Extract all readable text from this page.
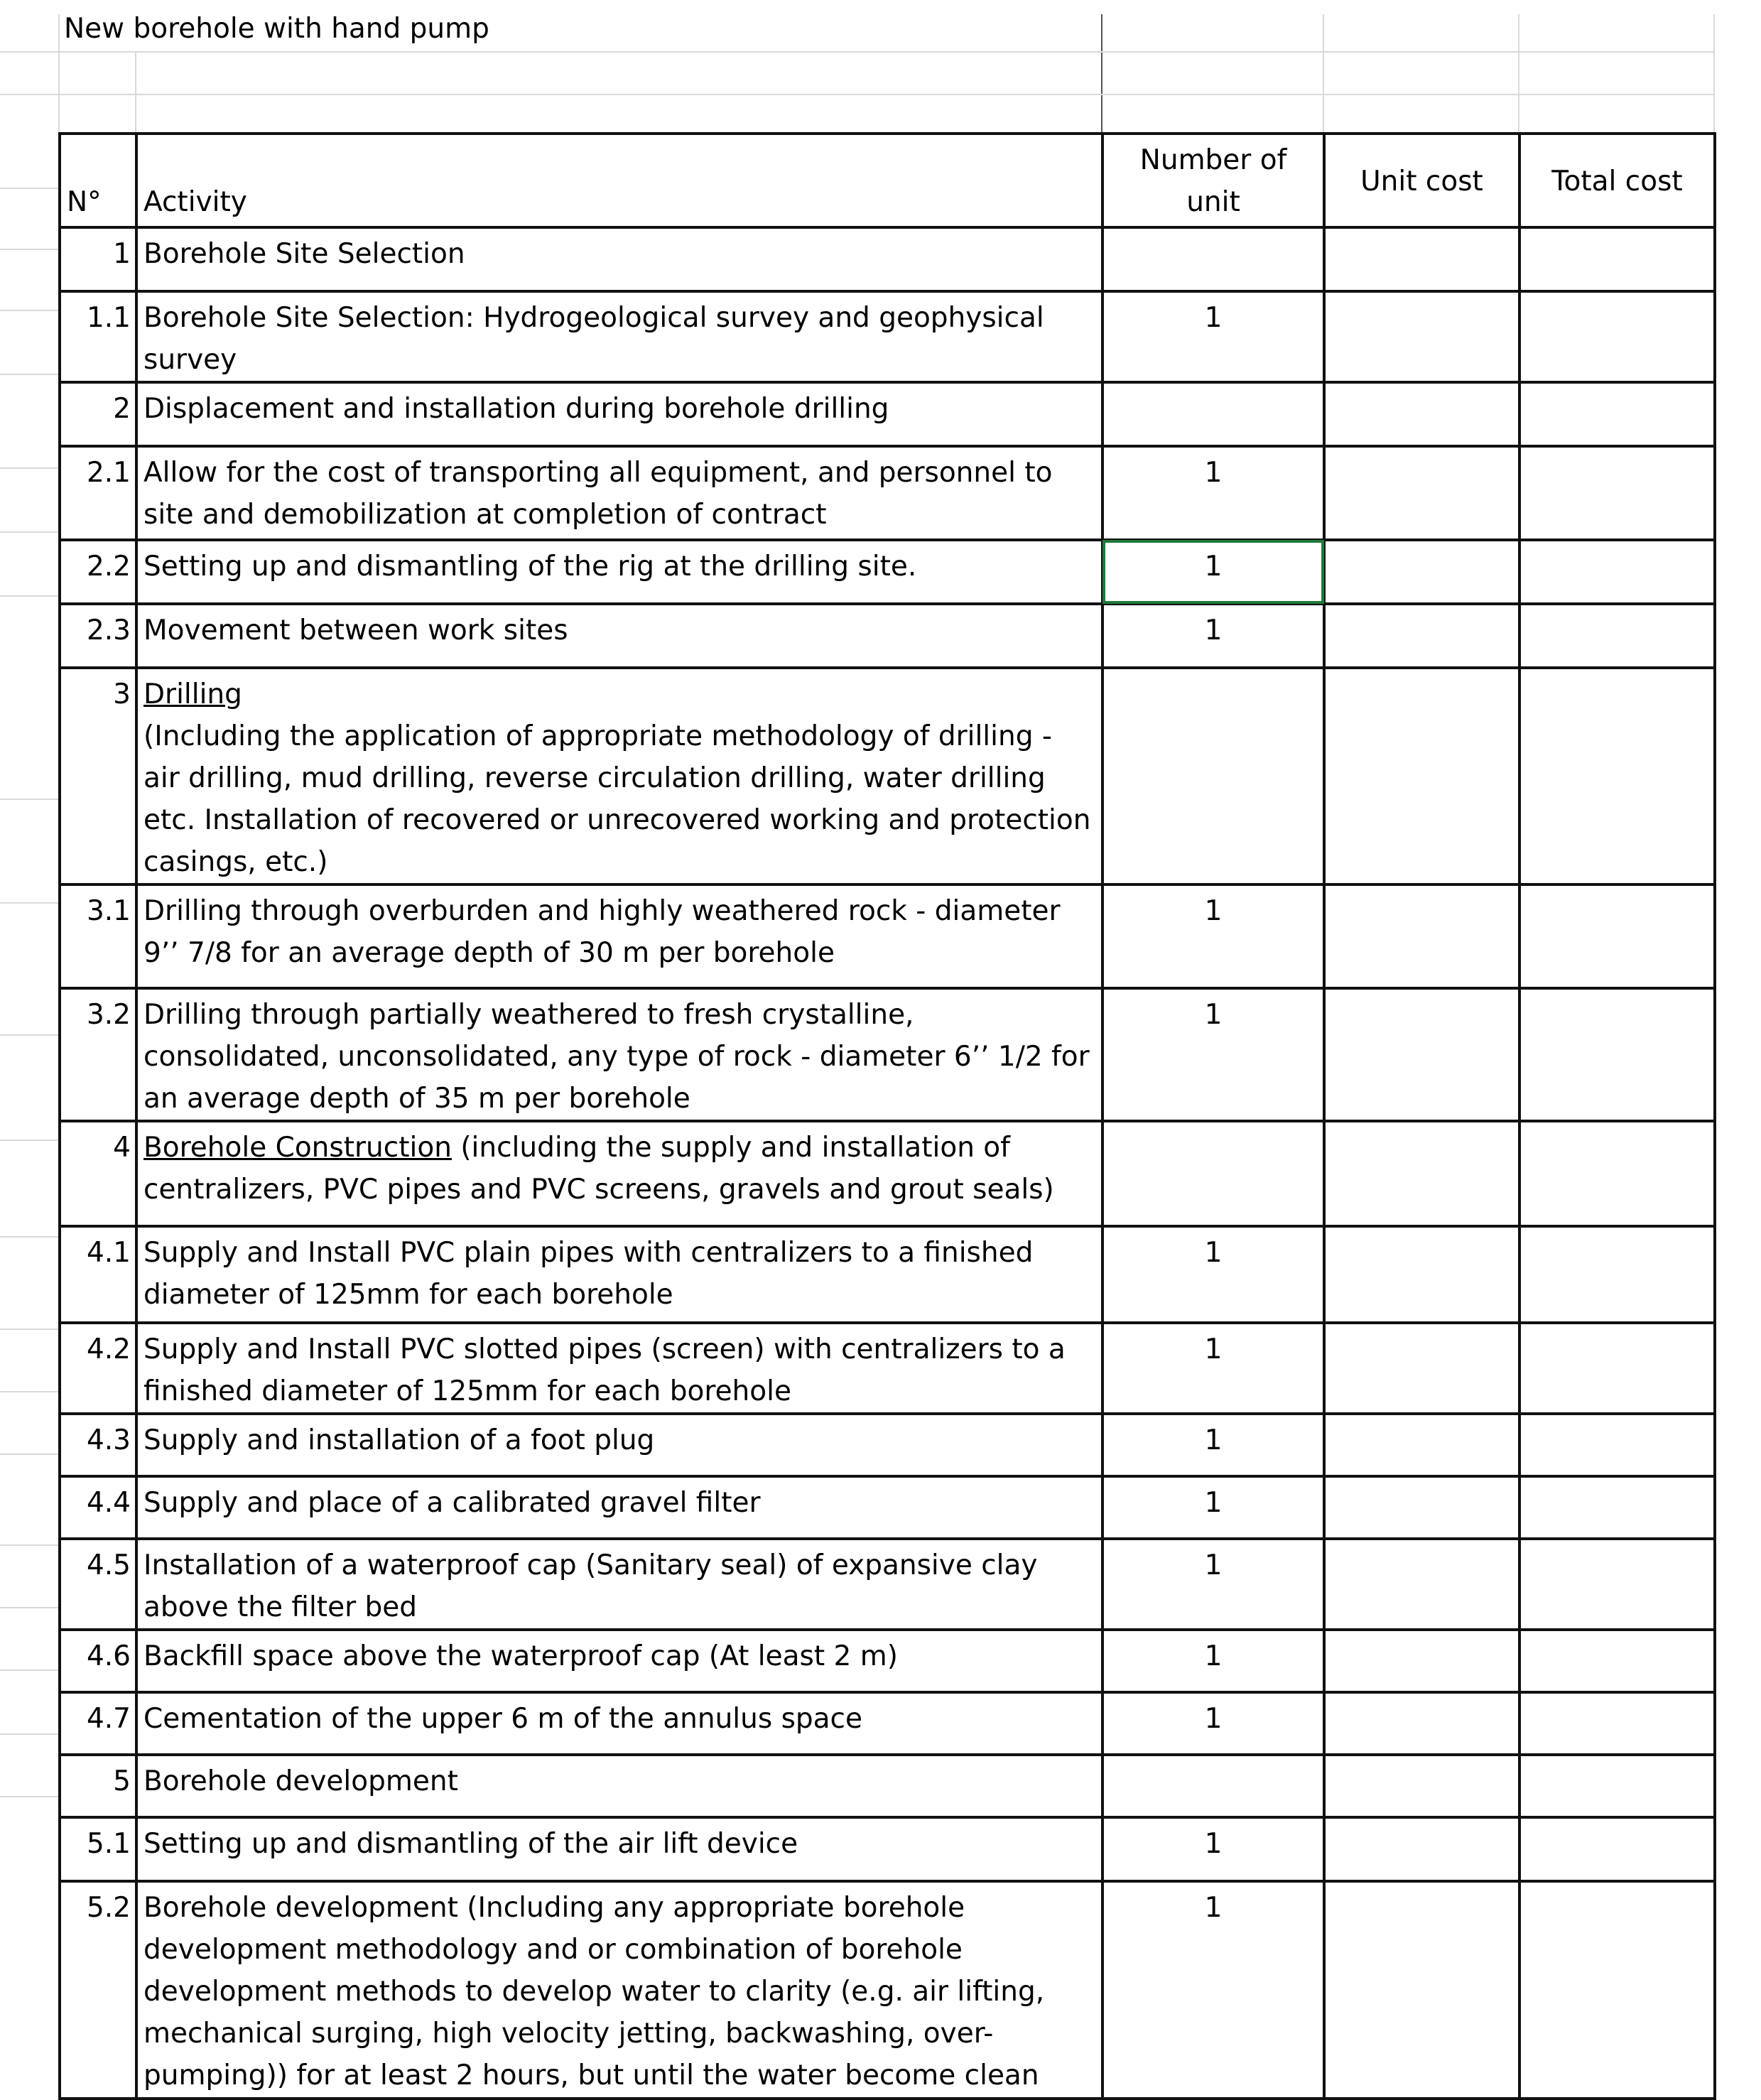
New borehole with hand pump
N°	Activity	Number of unit	Unit cost	Total cost
1	Borehole Site Selection			
1.1	Borehole Site Selection: Hydrogeological survey and geophysical survey	1		
2	Displacement and installation during borehole drilling			
2.1	Allow for the cost of transporting all equipment, and personnel to site and demobilization at completion of contract	1		
2.2	Setting up and dismantling of the rig at the drilling site.	1		
2.3	Movement between work sites	1		
3	Drilling
(Including the application of appropriate methodology of drilling - air drilling, mud drilling, reverse circulation drilling, water drilling etc. Installation of recovered or unrecovered working and protection casings, etc.)			
3.1	Drilling through overburden and highly weathered rock - diameter 9’’ 7/8 for an average depth of 30 m per borehole	1		
3.2	Drilling through partially weathered to fresh crystalline, consolidated, unconsolidated, any type of rock - diameter 6’’ 1/2 for an average depth of 35 m per borehole	1		
4	Borehole Construction (including the supply and installation of centralizers, PVC pipes and PVC screens, gravels and grout seals)			
4.1	Supply and Install PVC plain pipes with centralizers to a finished diameter of 125mm for each borehole	1		
4.2	Supply and Install PVC slotted pipes (screen) with centralizers to a finished diameter of 125mm for each borehole	1		
4.3	Supply and installation of a foot plug	1		
4.4	Supply and place of a calibrated gravel filter	1		
4.5	Installation of a waterproof cap (Sanitary seal) of expansive clay above the filter bed	1		
4.6	Backfill space above the waterproof cap (At least 2 m)	1		
4.7	Cementation of the upper 6 m of the annulus space	1		
5	Borehole development			
5.1	Setting up and dismantling of the air lift device	1		
5.2	Borehole development (Including any appropriate borehole development methodology and or combination of borehole development methods to develop water to clarity (e.g. air lifting, mechanical surging, high velocity jetting, backwashing, over-pumping)) for at least 2 hours, but until the water become clean	1		
